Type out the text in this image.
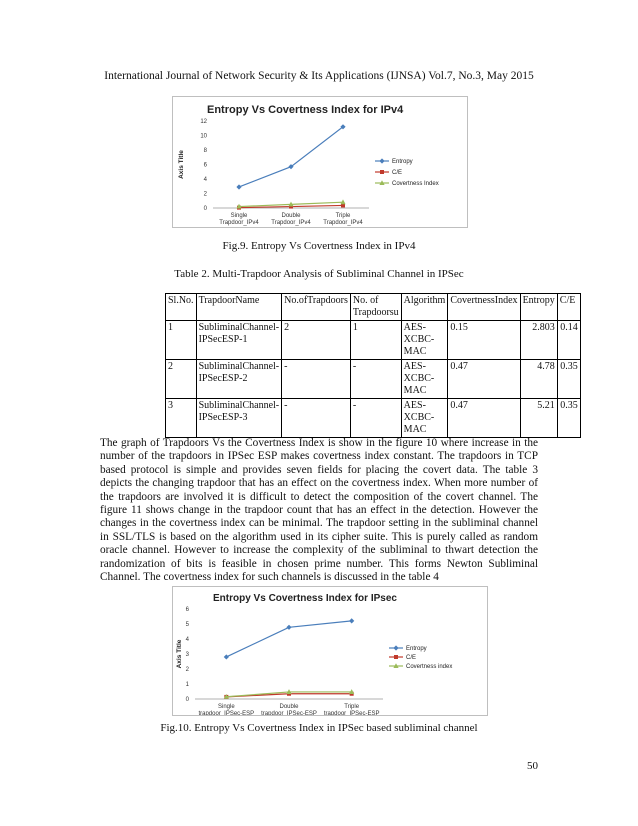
International Journal of Network Security & Its Applications (IJNSA) Vol.7, No.3, May 2015
Entropy Vs Covertness Index for IPv4
Axis Title
0
2
4
6
8
10
12
Single
Trapdoor_IPv4
Double
Trapdoor_IPv4
Triple
Trapdoor_IPv4
Entropy
C/E
Covertness Index
Fig.9. Entropy Vs Covertness Index in IPv4
Table 2. Multi-Trapdoor Analysis of Subliminal Channel in IPSec
Sl.No.	TrapdoorName	No.ofTrapdoors	No. of Trapdoorsu	Algorithm	CovertnessIndex	Entropy	C/E
1	SubliminalChannel-IPSecESP-1	2	1	AES-XCBC-MAC	0.15	2.803	0.14
2	SubliminalChannel-IPSecESP-2	-	-	AES-XCBC-MAC	0.47	4.78	0.35
3	SubliminalChannel-IPSecESP-3	-	-	AES-XCBC-MAC	0.47	5.21	0.35

The graph of Trapdoors Vs the Covertness Index is show in the figure 10 where increase in the number of the trapdoors in IPSec ESP makes covertness index constant. The trapdoors in TCP based protocol is simple and provides seven fields for placing the covert data. The table 3 depicts the changing trapdoor that has an effect on the covertness index. When more number of the trapdoors are involved it is difficult to detect the composition of the covert channel. The figure 11 shows change in the trapdoor count that has an effect in the detection. However the changes in the covertness index can be minimal. The trapdoor setting in the subliminal channel in SSL/TLS is based on the algorithm used in its cipher suite. This is purely called as random oracle channel. However to increase the complexity of the subliminal to thwart detection the randomization of bits is feasible in chosen prime number. This forms Newton Subliminal Channel. The covertness index for such channels is discussed in the table 4

Entropy Vs Covertness Index for IPsec
Axis Title
0
1
2
3
4
5
6
Single
trapdoor_IPSec-ESP
Double
trapdoor_IPSec-ESP
Triple
trapdoor_IPSec-ESP
Entropy
C/E
Covertness index
Fig.10. Entropy Vs Covertness Index in IPSec based subliminal channel
50
